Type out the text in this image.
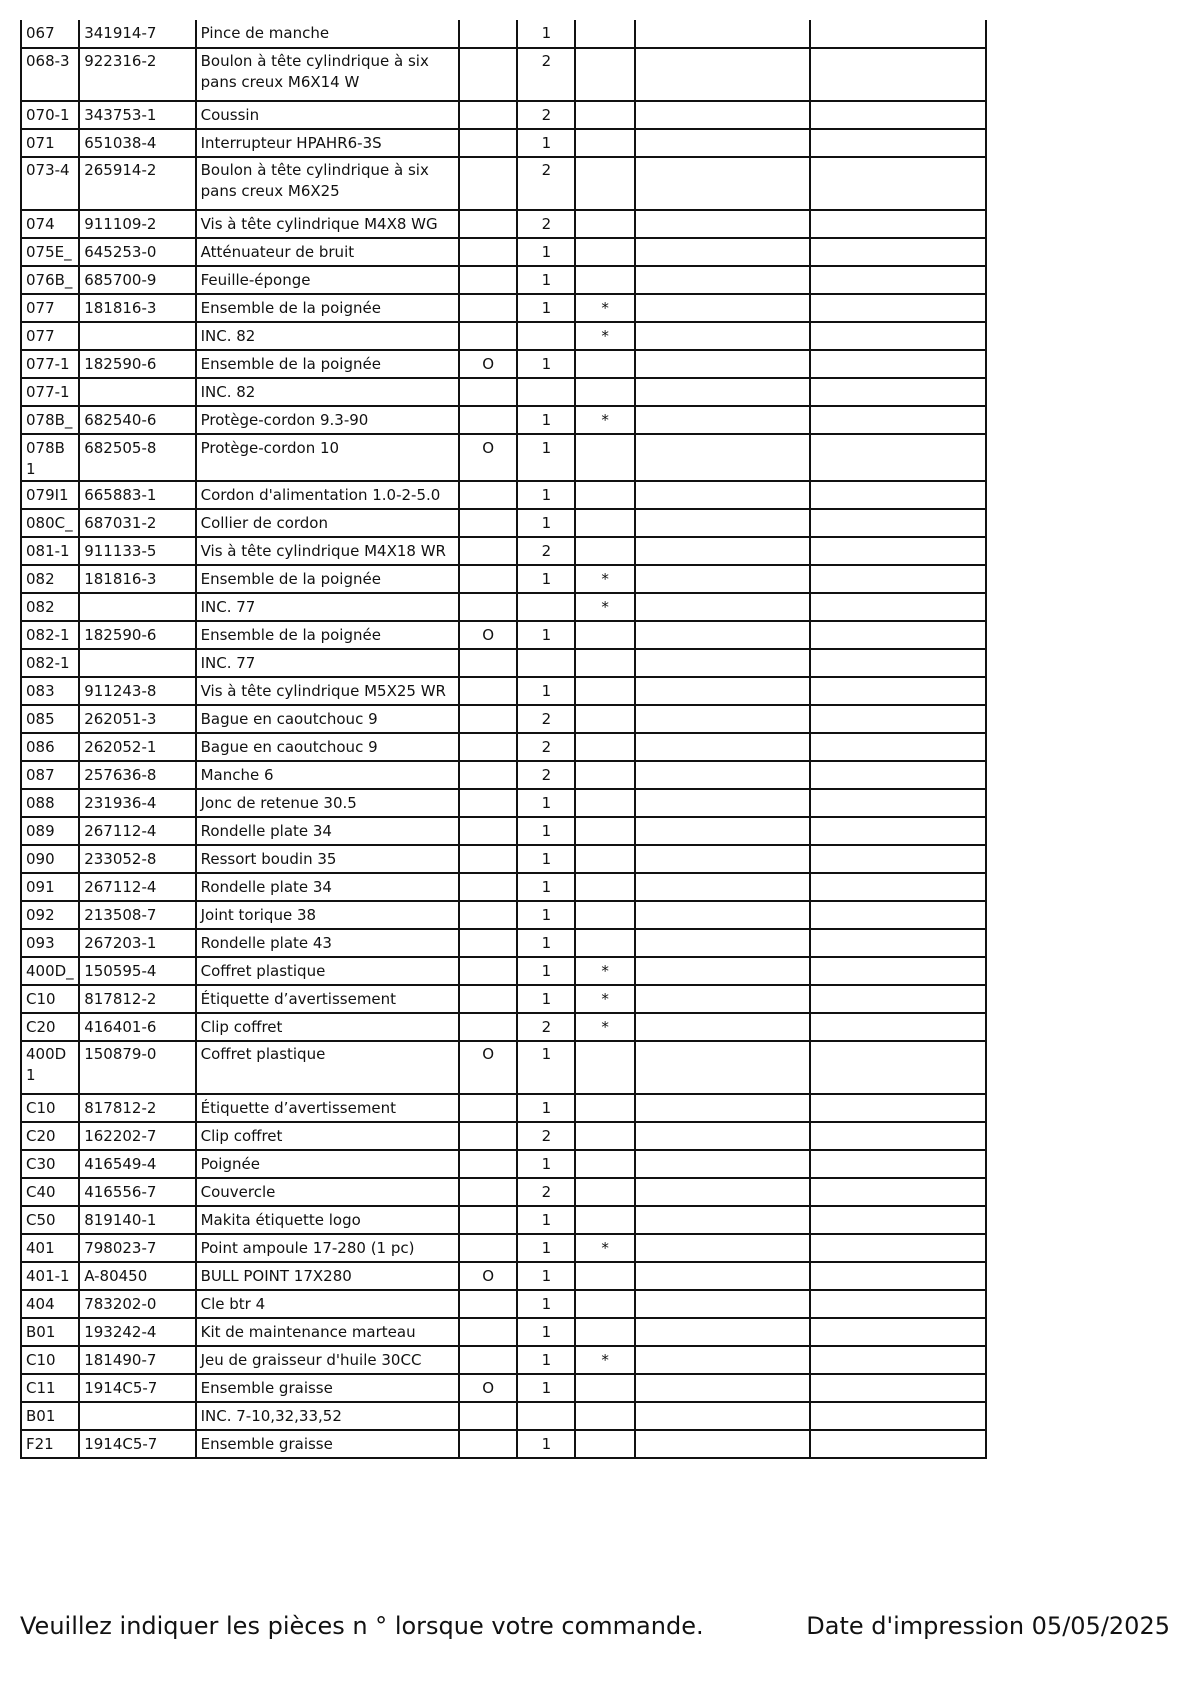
067	341914-7	Pince de manche		1			
068-3	922316-2	Boulon à tête cylindrique à six pans creux M6X14 W		2			
070-1	343753-1	Coussin		2			
071	651038-4	Interrupteur HPAHR6-3S		1			
073-4	265914-2	Boulon à tête cylindrique à six pans creux M6X25		2			
074	911109-2	Vis à tête cylindrique M4X8 WG		2			
075E_	645253-0	Atténuateur de bruit		1			
076B_	685700-9	Feuille-éponge		1			
077	181816-3	Ensemble de la poignée		1	*		
077		INC. 82			*		
077-1	182590-6	Ensemble de la poignée	O	1			
077-1		INC. 82					
078B_	682540-6	Protège-cordon 9.3-90		1	*		
078B1	682505-8	Protège-cordon 10	O	1			
079I1	665883-1	Cordon d'alimentation 1.0-2-5.0		1			
080C_	687031-2	Collier de cordon		1			
081-1	911133-5	Vis à tête cylindrique M4X18 WR		2			
082	181816-3	Ensemble de la poignée		1	*		
082		INC. 77			*		
082-1	182590-6	Ensemble de la poignée	O	1			
082-1		INC. 77					
083	911243-8	Vis à tête cylindrique M5X25 WR		1			
085	262051-3	Bague en caoutchouc 9		2			
086	262052-1	Bague en caoutchouc 9		2			
087	257636-8	Manche 6		2			
088	231936-4	Jonc de retenue 30.5		1			
089	267112-4	Rondelle plate 34		1			
090	233052-8	Ressort boudin 35		1			
091	267112-4	Rondelle plate 34		1			
092	213508-7	Joint torique 38		1			
093	267203-1	Rondelle plate 43		1			
400D_	150595-4	Coffret plastique		1	*		
C10	817812-2	Étiquette d’avertissement		1	*		
C20	416401-6	Clip coffret		2	*		
400D1	150879-0	Coffret plastique	O	1			
C10	817812-2	Étiquette d’avertissement		1			
C20	162202-7	Clip coffret		2			
C30	416549-4	Poignée		1			
C40	416556-7	Couvercle		2			
C50	819140-1	Makita étiquette logo		1			
401	798023-7	Point ampoule 17-280 (1 pc)		1	*		
401-1	A-80450	BULL POINT 17X280	O	1			
404	783202-0	Cle btr 4		1			
B01	193242-4	Kit de maintenance marteau		1			
C10	181490-7	Jeu de graisseur d'huile 30CC		1	*		
C11	1914C5-7	Ensemble graisse	O	1			
B01		INC. 7-10,32,33,52					
F21	1914C5-7	Ensemble graisse		1			
Veuillez indiquer les pièces n ° lorsque votre commande.	Date d'impression 05/05/2025
